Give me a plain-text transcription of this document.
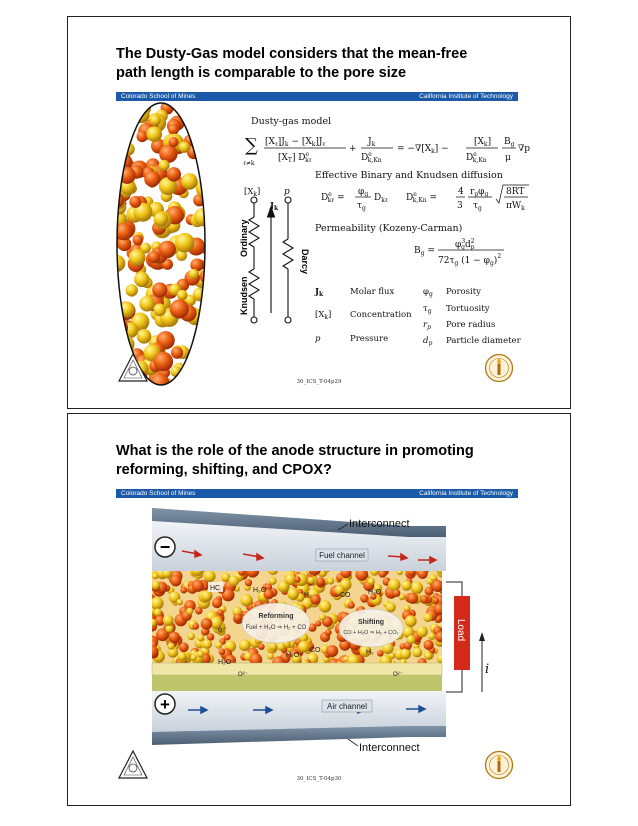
The Dusty-Gas model considers that the mean-free path length is comparable to the pore size
Colorado School of Mines	California Institute of Technology
Dusty-gas model
∑
ℓ≠k
$[X_\ell]J_k - [X_k]J_\ell$
$[X_T]$ De kℓ
+
$J_k$
De k,Kn
= $-\nabla[X_k]$ −
$[X_k]$
De k,Kn
$B_g$
μ
∇p
Effective Binary and Knudsen diffusion
De kℓ =
$\varphi_g$
$\tau_g$
$D_{k\ell}$ De k,Kn =
4
3
$r_p\varphi_g$
$\tau_g$
8RT
$\pi W_k$
Permeability (Kozeny-Carman)
$B_g$ =
$\varphi^3$ $gd^2$ p
$72\tau_g$ $(1 - \varphi_g)^2$
$[X_k]$	p
$J_k$
Ordinary
Knudsen
Darcy
$J_k$	Molar flux
$[X_k]$ Concentration
p	Pressure
$\varphi_g$ Porosity
$\tau_g$ Tortuosity
$r_p$ Pore radius
$d_p$ Particle diameter
30_ICS_T-04p29
What is the role of the anode structure in promoting reforming, shifting, and CPOX?
Colorado School of Mines	California Institute of Technology
−
+
Fuel channel
Air channel
Interconnect
Interconnect
Reforming
Fuel + H₂O ⇒ H₂ + CO
Shifting
CO + H₂O ⇒ H₂ + CO₂
HC
e⁻
H₂O
H₂	CO
H₂O
H₂O
CO	H₂
H₂O
O²⁻	O²⁻
Load
i
30_ICS_T-04p30
